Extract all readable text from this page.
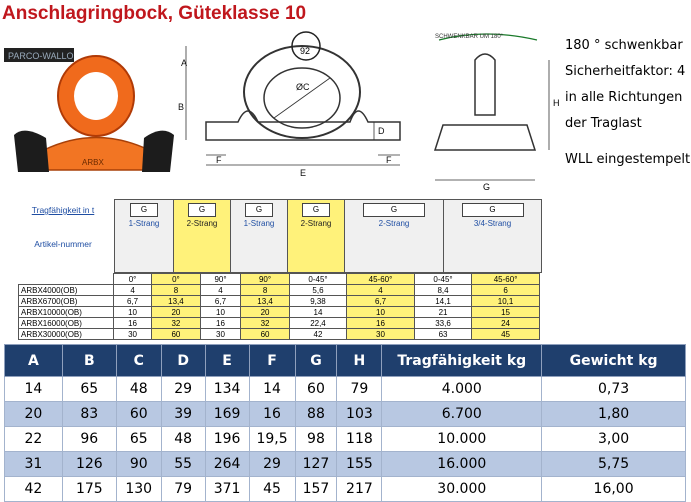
Anschlagringbock, Güteklasse 10
PARCO-WALLO
ARBX
A
B
ØC
D
E
F	F
92
SCHWENKBAR UM 180°
G
H
180 ° schwenkbar
Sicherheitfaktor: 4
in alle Richtungen
der Traglast
WLL eingestempelt
Tragfähigkeit in t
Artikel-nummer
G
1-Strang
G
2-Strang
G
1-Strang
G
2-Strang
G
2-Strang
G
3/4-Strang
	0°	0°	90°	90°	0-45°	45-60°	0-45°	45-60°
ARBX4000(OB)	4	8	4	8	5,6	4	8,4	6
ARBX6700(OB)	6,7	13,4	6,7	13,4	9,38	6,7	14,1	10,1
ARBX10000(OB)	10	20	10	20	14	10	21	15
ARBX16000(OB)	16	32	16	32	22,4	16	33,6	24
ARBX30000(OB)	30	60	30	60	42	30	63	45
A	B	C	D	E	F	G	H	Tragfähigkeit kg	Gewicht kg
14	65	48	29	134	14	60	79	4.000	0,73
20	83	60	39	169	16	88	103	6.700	1,80
22	96	65	48	196	19,5	98	118	10.000	3,00
31	126	90	55	264	29	127	155	16.000	5,75
42	175	130	79	371	45	157	217	30.000	16,00
